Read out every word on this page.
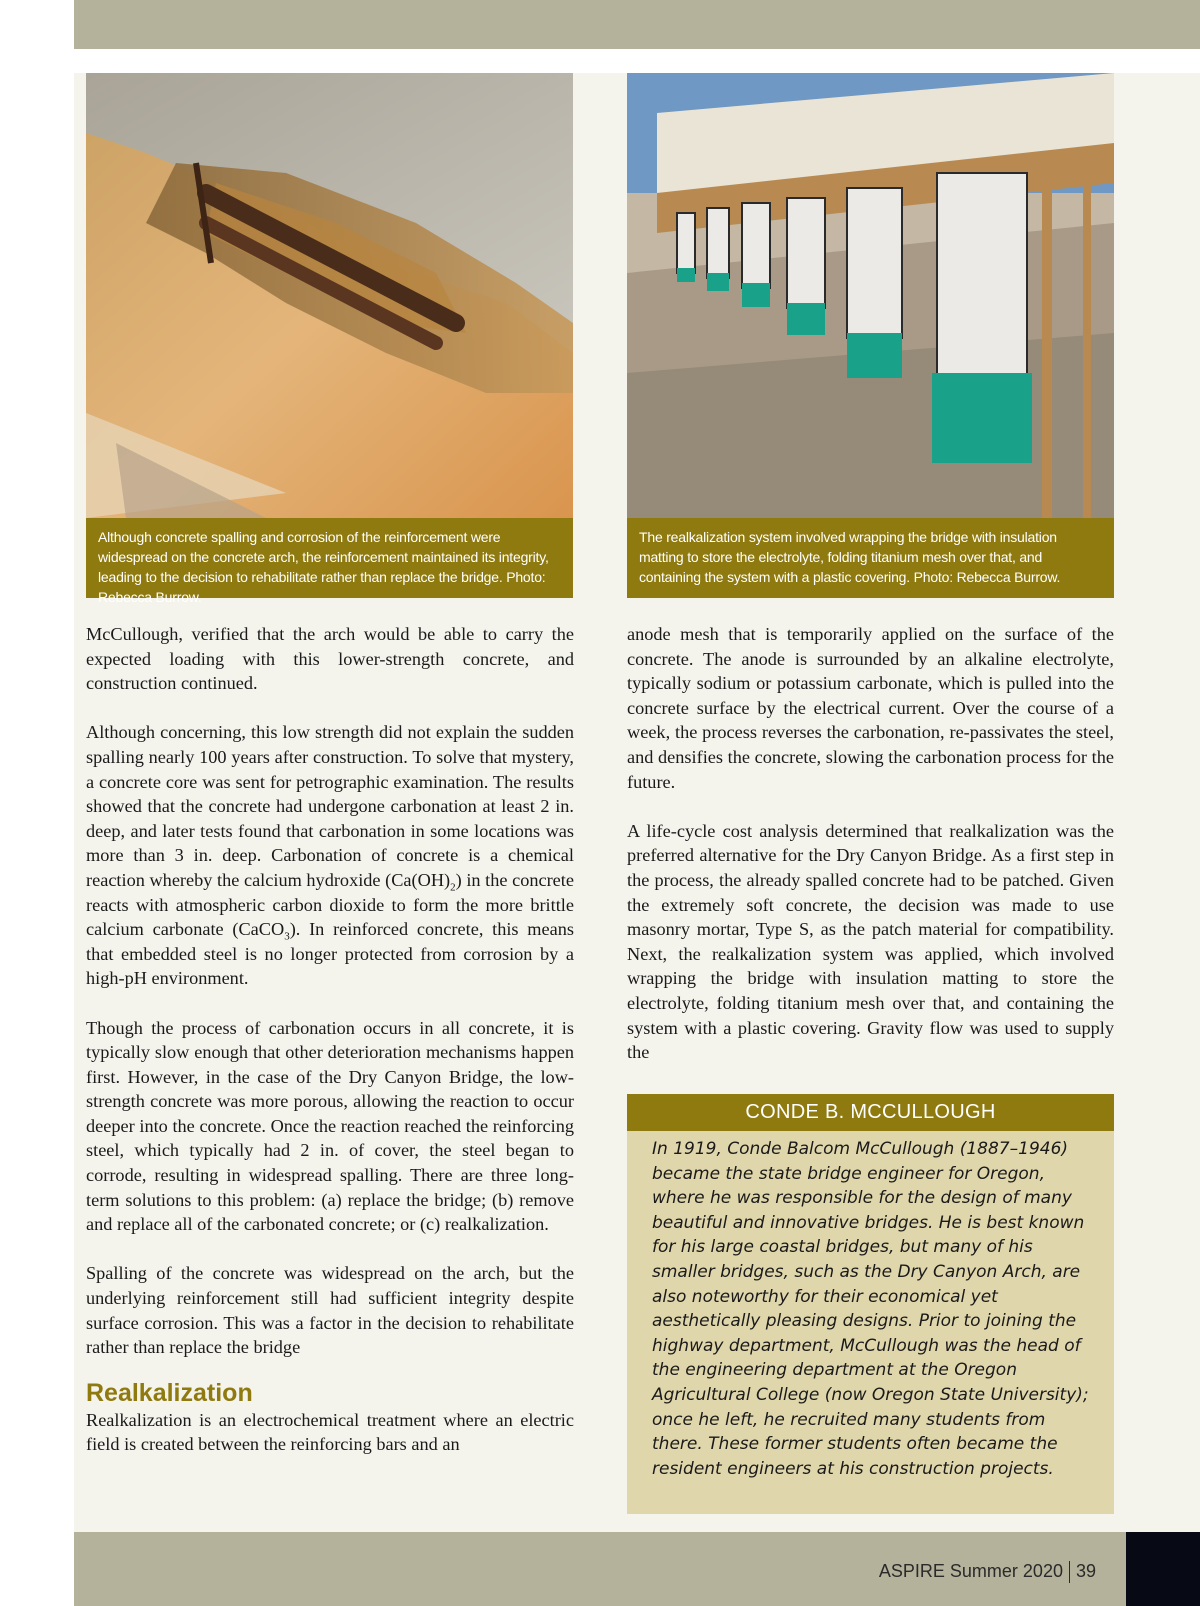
Although concrete spalling and corrosion of the reinforcement were widespread on the concrete arch, the reinforcement maintained its integrity, leading to the decision to rehabilitate rather than replace the bridge. Photo: Rebecca Burrow.
The realkalization system involved wrapping the bridge with insulation matting to store the electrolyte, folding titanium mesh over that, and containing the system with a plastic covering. Photo: Rebecca Burrow.

McCullough, verified that the arch would be able to carry the expected loading with this lower-strength concrete, and construction continued.

Although concerning, this low strength did not explain the sudden spalling nearly 100 years after construction. To solve that mystery, a concrete core was sent for petrographic examination. The results showed that the concrete had undergone carbonation at least 2 in. deep, and later tests found that carbonation in some locations was more than 3 in. deep. Carbonation of concrete is a chemical reaction whereby the calcium hydroxide $(Ca(OH)_2)$ in the concrete reacts with atmospheric carbon dioxide to form the more brittle calcium carbonate (CaCO$_3$). In reinforced concrete, this means that embedded steel is no longer protected from corrosion by a high-pH environment.

Though the process of carbonation occurs in all concrete, it is typically slow enough that other deterioration mechanisms happen first. However, in the case of the Dry Canyon Bridge, the low-strength concrete was more porous, allowing the reaction to occur deeper into the concrete. Once the reaction reached the reinforcing steel, which typically had 2 in. of cover, the steel began to corrode, resulting in widespread spalling. There are three long-term solutions to this problem: (a) replace the bridge; (b) remove and replace all of the carbonated concrete; or (c) realkalization.

Spalling of the concrete was widespread on the arch, but the underlying reinforcement still had sufficient integrity despite surface corrosion. This was a factor in the decision to rehabilitate rather than replace the bridge

Realkalization

Realkalization is an electrochemical treatment where an electric field is created between the reinforcing bars and an

anode mesh that is temporarily applied on the surface of the concrete. The anode is surrounded by an alkaline electrolyte, typically sodium or potassium carbonate, which is pulled into the concrete surface by the electrical current. Over the course of a week, the process reverses the carbonation, re-passivates the steel, and densifies the concrete, slowing the carbonation process for the future.

A life-cycle cost analysis determined that realkalization was the preferred alternative for the Dry Canyon Bridge. As a first step in the process, the already spalled concrete had to be patched. Given the extremely soft concrete, the decision was made to use masonry mortar, Type S, as the patch material for compatibility. Next, the realkalization system was applied, which involved wrapping the bridge with insulation matting to store the electrolyte, folding titanium mesh over that, and containing the system with a plastic covering. Gravity flow was used to supply the

CONDE B. MCCULLOUGH
In 1919, Conde Balcom McCullough (1887–1946) became the state bridge engineer for Oregon, where he was responsible for the design of many beautiful and innovative bridges. He is best known for his large coastal bridges, but many of his smaller bridges, such as the Dry Canyon Arch, are also noteworthy for their economical yet aesthetically pleasing designs. Prior to joining the highway department, McCullough was the head of the engineering department at the Oregon Agricultural College (now Oregon State University); once he left, he recruited many students from there. These former students often became the resident engineers at his construction projects.
ASPIRE Summer 2020 39
